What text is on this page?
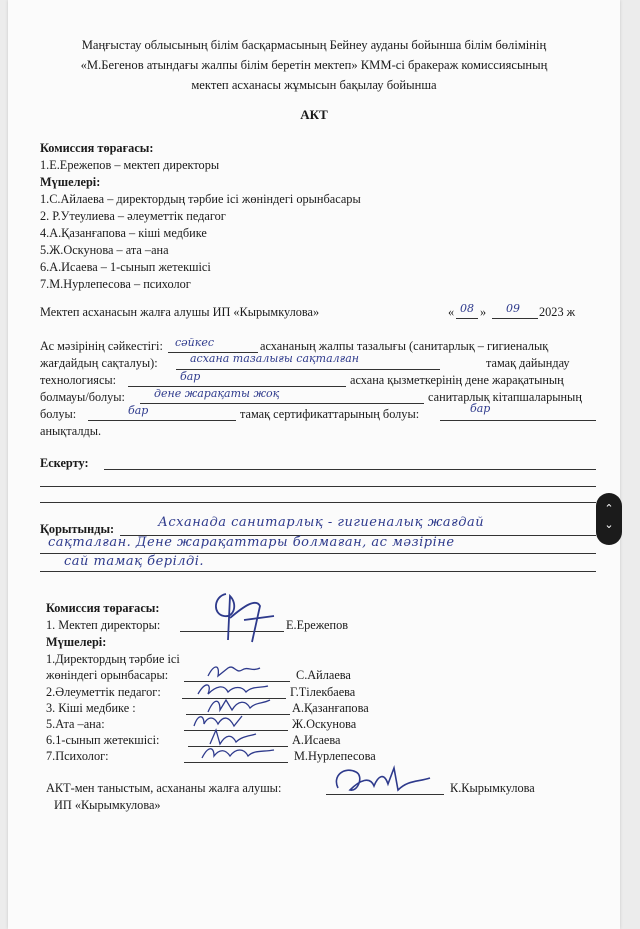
Маңғыстау облысының білім басқармасының Бейнеу ауданы бойынша білім бөлімінің
«М.Бегенов атындағы жалпы білім беретін мектеп» КММ-сі бракераж комиссиясының
мектеп асханасы жұмысын бақылау бойынша
АКТ
Комиссия төрағасы:
1.Е.Ережепов – мектеп директоры
Мүшелері:
1.С.Айлаева – директордың тәрбие ісі жөніндегі орынбасары
2. Р.Утеулиева – әлеуметтік педагог
4.А.Қазанғапова – кіші медбике
5.Ж.Оскунова – ата –ана
6.А.Исаева – 1-сынып жетекшісі
7.М.Нурлепесова – психолог
Мектеп асханасын жалға алушы ИП «Кырымкулова»	« 08 » 09 2023 ж
Ас мәзірінің сәйкестігі: сәйкес	асхананың жалпы тазалығы (санитарлық – гигиеналық
жағдайдың сақталуы):	асхана тазалығы сақталған	тамақ дайындау
технологиясы:	бар	асхана қызметкерінің дене жарақатының
болмауы/болуы:	дене жарақаты жоқ	санитарлық кітапшаларының
болуы:	бар	тамақ сертификаттарының болуы:	бар
анықталды.
Ескерту:
Қорытынды:	Асханада санитарлық - гигиеналық жағдай
сақталған. Дене жарақаттары болмаған, ас мәзіріне
сай тамақ берілді.
Комиссия төрағасы:
1. Мектеп директоры:	Е.Ережепов
Мүшелері:
1.Директордың тәрбие ісі
жөніндегі орынбасары:	С.Айлаева
2.Әлеуметтік педагог:	Г.Тілекбаева
3. Кіші медбике :	А.Қазанғапова
5.Ата –ана:	Ж.Оскунова
6.1-сынып жетекшісі:	А.Исаева
7.Психолог:	М.Нурлепесова
АКТ-мен таныстым, асхананы жалға алушы:	К.Кырымкулова
ИП «Кырымкулова»
⌃
⌄
